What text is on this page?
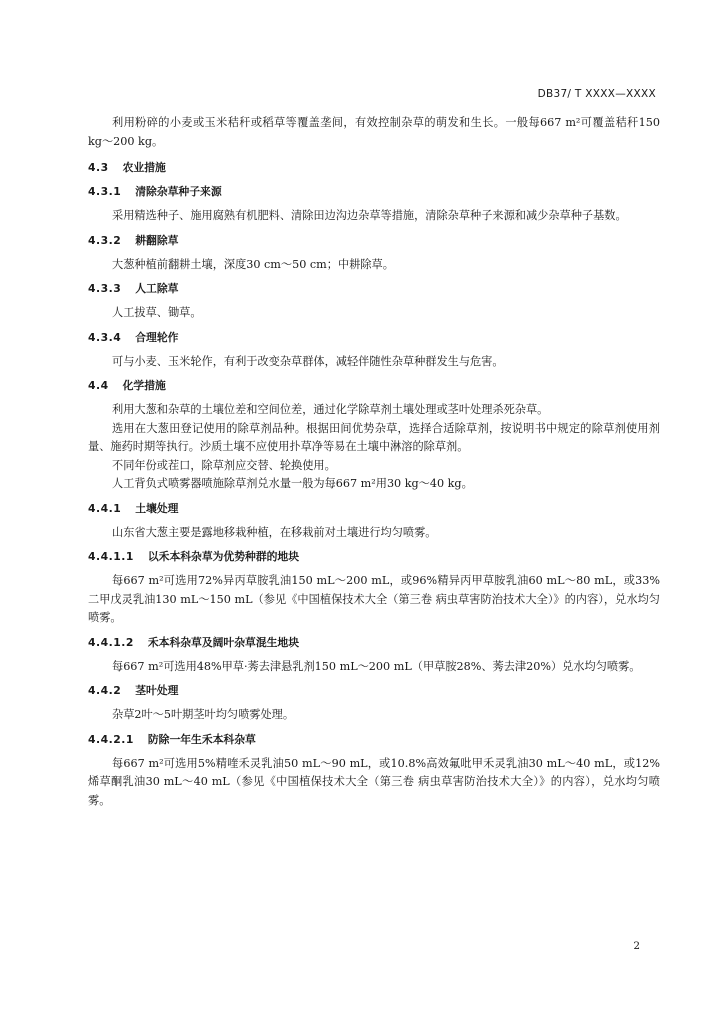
DB37/ T XXXX—XXXX

利用粉碎的小麦或玉米秸秆或稻草等覆盖垄间，有效控制杂草的萌发和生长。一般每667 m²可覆盖秸秆150 kg～200 kg。

4.3 农业措施
4.3.1 清除杂草种子来源

采用精选种子、施用腐熟有机肥料、清除田边沟边杂草等措施，清除杂草种子来源和减少杂草种子基数。

4.3.2 耕翻除草

大葱种植前翻耕土壤，深度30 cm～50 cm；中耕除草。

4.3.3 人工除草

人工拔草、锄草。

4.3.4 合理轮作

可与小麦、玉米轮作，有利于改变杂草群体，减轻伴随性杂草种群发生与危害。

4.4 化学措施

利用大葱和杂草的土壤位差和空间位差，通过化学除草剂土壤处理或茎叶处理杀死杂草。

选用在大葱田登记使用的除草剂品种。根据田间优势杂草，选择合适除草剂，按说明书中规定的除草剂使用剂量、施药时期等执行。沙质土壤不应使用扑草净等易在土壤中淋溶的除草剂。

不同年份或茬口，除草剂应交替、轮换使用。

人工背负式喷雾器喷施除草剂兑水量一般为每667 m²用30 kg～40 kg。

4.4.1 土壤处理

山东省大葱主要是露地移栽种植，在移栽前对土壤进行均匀喷雾。

4.4.1.1 以禾本科杂草为优势种群的地块

每667 m²可选用72%异丙草胺乳油150 mL～200 mL，或96%精异丙甲草胺乳油60 mL～80 mL，或33%二甲戊灵乳油130 mL～150 mL（参见《中国植保技术大全（第三卷 病虫草害防治技术大全）》的内容），兑水均匀喷雾。

4.4.1.2 禾本科杂草及阔叶杂草混生地块

每667 m²可选用48%甲草·莠去津悬乳剂150 mL～200 mL（甲草胺28%、莠去津20%）兑水均匀喷雾。

4.4.2 茎叶处理

杂草2叶～5叶期茎叶均匀喷雾处理。

4.4.2.1 防除一年生禾本科杂草

每667 m²可选用5%精喹禾灵乳油50 mL～90 mL，或10.8%高效氟吡甲禾灵乳油30 mL～40 mL，或12%烯草酮乳油30 mL～40 mL（参见《中国植保技术大全（第三卷 病虫草害防治技术大全）》的内容），兑水均匀喷雾。

2
